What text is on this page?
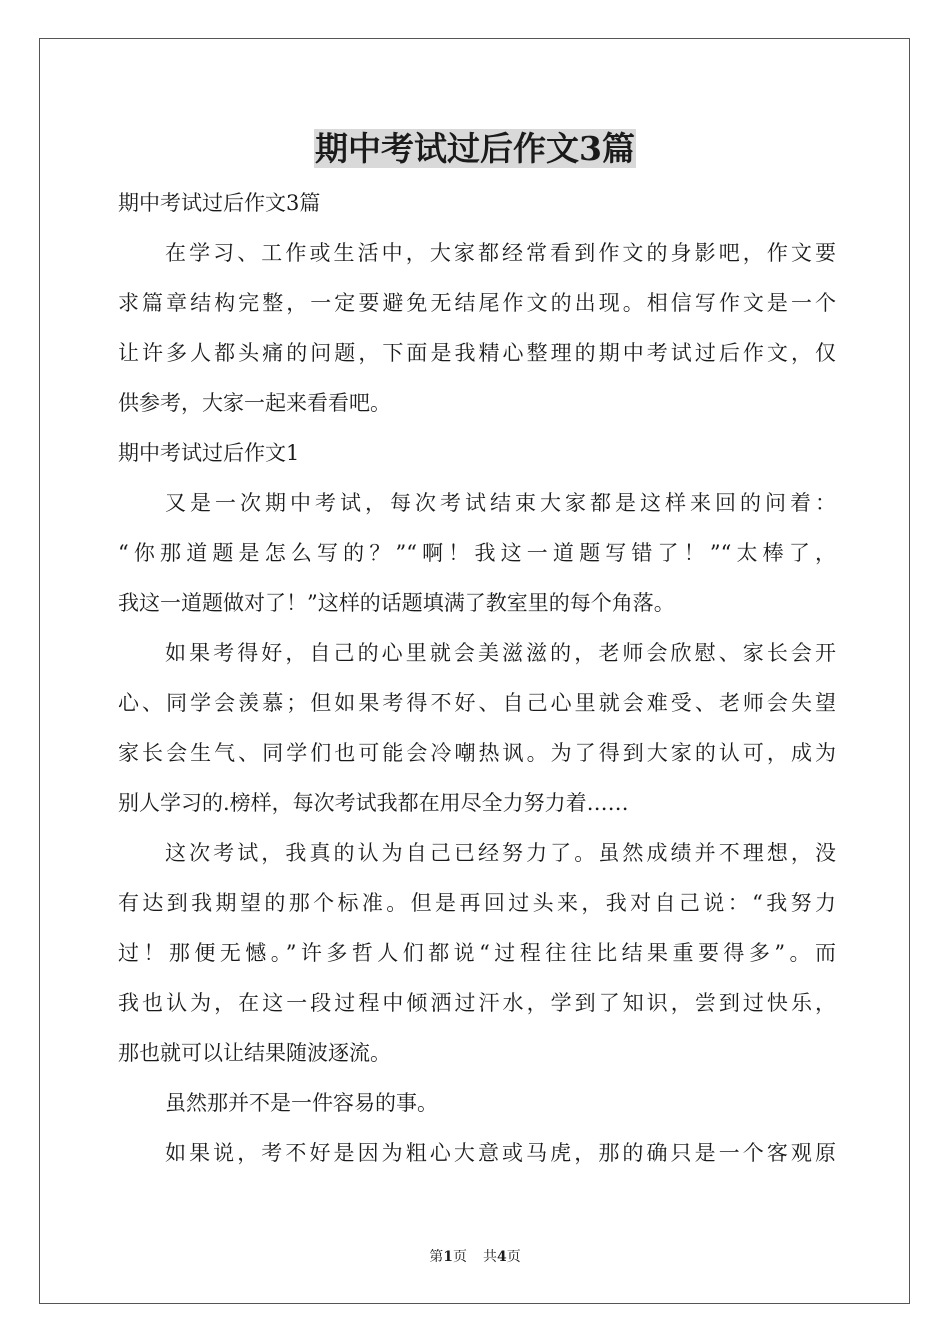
期中考试过后作文3篇
期中考试过后作文3篇
在学习、工作或生活中，大家都经常看到作文的身影吧，作文要
求篇章结构完整，一定要避免无结尾作文的出现。相信写作文是一个
让许多人都头痛的问题，下面是我精心整理的期中考试过后作文，仅
供参考，大家一起来看看吧。
期中考试过后作文1
又是一次期中考试，每次考试结束大家都是这样来回的问着：
“你那道题是怎么写的？”“啊！我这一道题写错了！”“太棒了，
我这一道题做对了！”这样的话题填满了教室里的每个角落。
如果考得好，自己的心里就会美滋滋的，老师会欣慰、家长会开
心、同学会羡慕；但如果考得不好、自己心里就会难受、老师会失望
家长会生气、同学们也可能会冷嘲热讽。为了得到大家的认可，成为
别人学习的.榜样，每次考试我都在用尽全力努力着……
这次考试，我真的认为自己已经努力了。虽然成绩并不理想，没
有达到我期望的那个标准。但是再回过头来，我对自己说：“我努力
过！那便无憾。”许多哲人们都说“过程往往比结果重要得多”。而
我也认为，在这一段过程中倾洒过汗水，学到了知识，尝到过快乐，
那也就可以让结果随波逐流。
虽然那并不是一件容易的事。
如果说，考不好是因为粗心大意或马虎，那的确只是一个客观原
第1页 共4页
